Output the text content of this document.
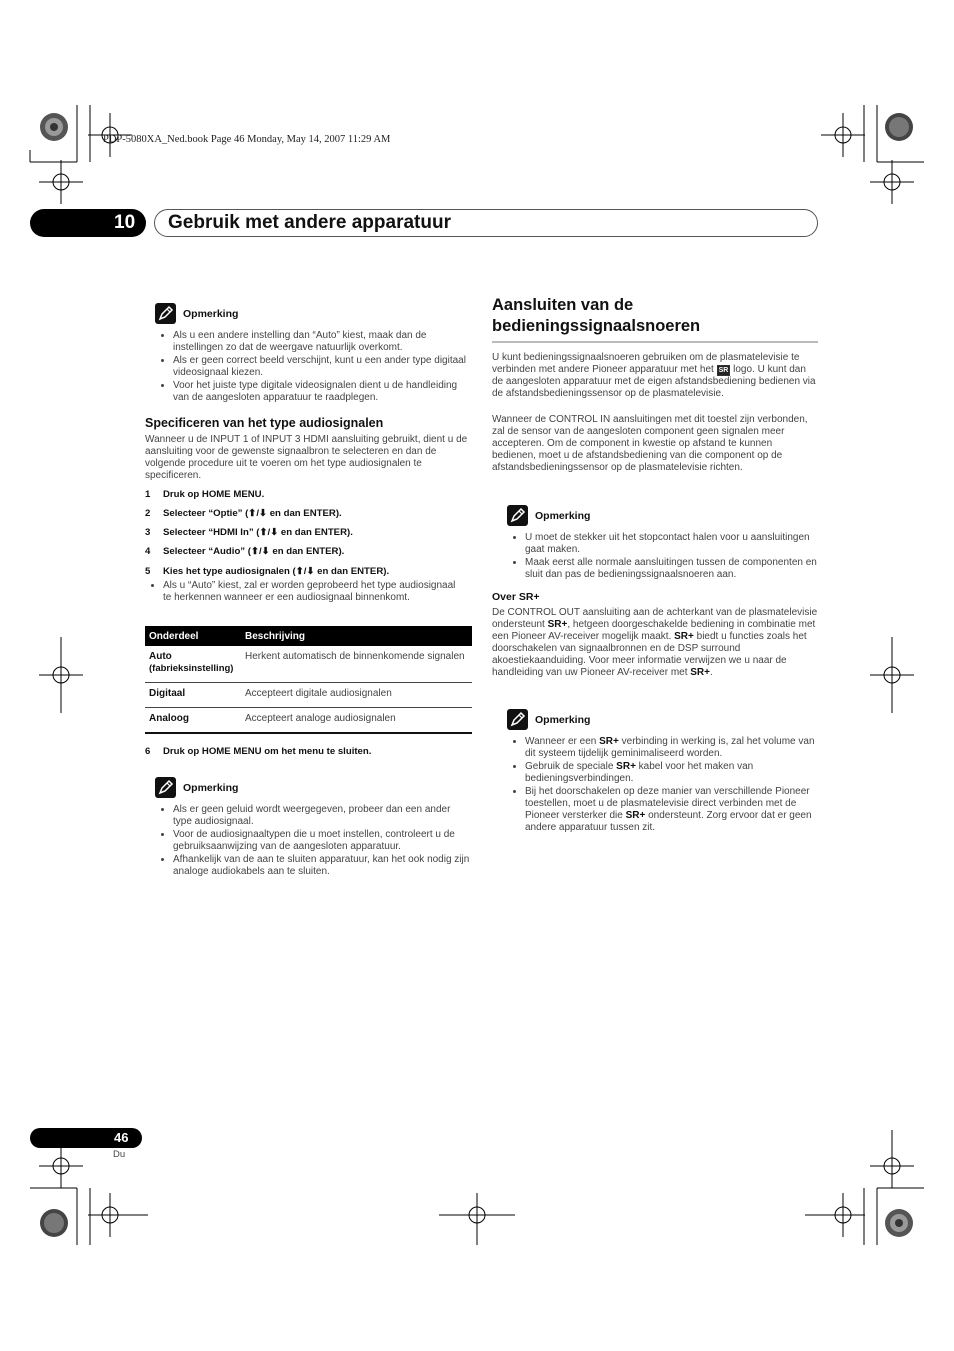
PDP-5080XA_Ned.book Page 46 Monday, May 14, 2007 11:29 AM
10	Gebruik met andere apparatuur
Opmerking
• Als u een andere instelling dan “Auto” kiest, maak dan de instellingen zo dat de weergave natuurlijk overkomt.
• Als er geen correct beeld verschijnt, kunt u een ander type digitaal videosignaal kiezen.
• Voor het juiste type digitale videosignalen dient u de handleiding van de aangesloten apparatuur te raadplegen.
Specificeren van het type audiosignalen
Wanneer u de INPUT 1 of INPUT 3 HDMI aansluiting gebruikt, dient u de aansluiting voor de gewenste signaalbron te selecteren en dan de volgende procedure uit te voeren om het type audiosignalen te specificeren.
1 Druk op HOME MENU.
2 Selecteer “Optie” (⬆/⬇ en dan ENTER).
3 Selecteer “HDMI In” (⬆/⬇ en dan ENTER).
4 Selecteer “Audio” (⬆/⬇ en dan ENTER).
5 Kies het type audiosignalen (⬆/⬇ en dan ENTER).
• Als u “Auto” kiest, zal er worden geprobeerd het type audiosignaal te herkennen wanneer er een audiosignaal binnenkomt.
Onderdeel	Beschrijving
Auto
(fabrieksinstelling)	Herkent automatisch de binnenkomende signalen
Digitaal	Accepteert digitale audiosignalen
Analoog	Accepteert analoge audiosignalen
6 Druk op HOME MENU om het menu te sluiten.
Opmerking
• Als er geen geluid wordt weergegeven, probeer dan een ander type audiosignaal.
• Voor de audiosignaaltypen die u moet instellen, controleert u de gebruiksaanwijzing van de aangesloten apparatuur.
• Afhankelijk van de aan te sluiten apparatuur, kan het ook nodig zijn analoge audiokabels aan te sluiten.
Aansluiten van de bedieningssignaalsnoeren
U kunt bedieningssignaalsnoeren gebruiken om de plasmatelevisie te verbinden met andere Pioneer apparatuur met het SR logo. U kunt dan de aangesloten apparatuur met de eigen afstandsbediening bedienen via de afstandsbedieningssensor op de plasmatelevisie.
Wanneer de CONTROL IN aansluitingen met dit toestel zijn verbonden, zal de sensor van de aangesloten component geen signalen meer accepteren. Om de component in kwestie op afstand te kunnen bedienen, moet u de afstandsbediening van die component op de afstandsbedieningssensor op de plasmatelevisie richten.
Opmerking
• U moet de stekker uit het stopcontact halen voor u aansluitingen gaat maken.
• Maak eerst alle normale aansluitingen tussen de componenten en sluit dan pas de bedieningssignaalsnoeren aan.
Over SR+
De CONTROL OUT aansluiting aan de achterkant van de plasmatelevisie ondersteunt SR+, hetgeen doorgeschakelde bediening in combinatie met een Pioneer AV-receiver mogelijk maakt. SR+ biedt u functies zoals het doorschakelen van signaalbronnen en de DSP surround akoestiekaanduiding. Voor meer informatie verwijzen we u naar de handleiding van uw Pioneer AV-receiver met SR+.
Opmerking
• Wanneer er een SR+ verbinding in werking is, zal het volume van dit systeem tijdelijk geminimaliseerd worden.
• Gebruik de speciale SR+ kabel voor het maken van bedieningsverbindingen.
• Bij het doorschakelen op deze manier van verschillende Pioneer toestellen, moet u de plasmatelevisie direct verbinden met de Pioneer versterker die SR+ ondersteunt. Zorg ervoor dat er geen andere apparatuur tussen zit.
46
Du
